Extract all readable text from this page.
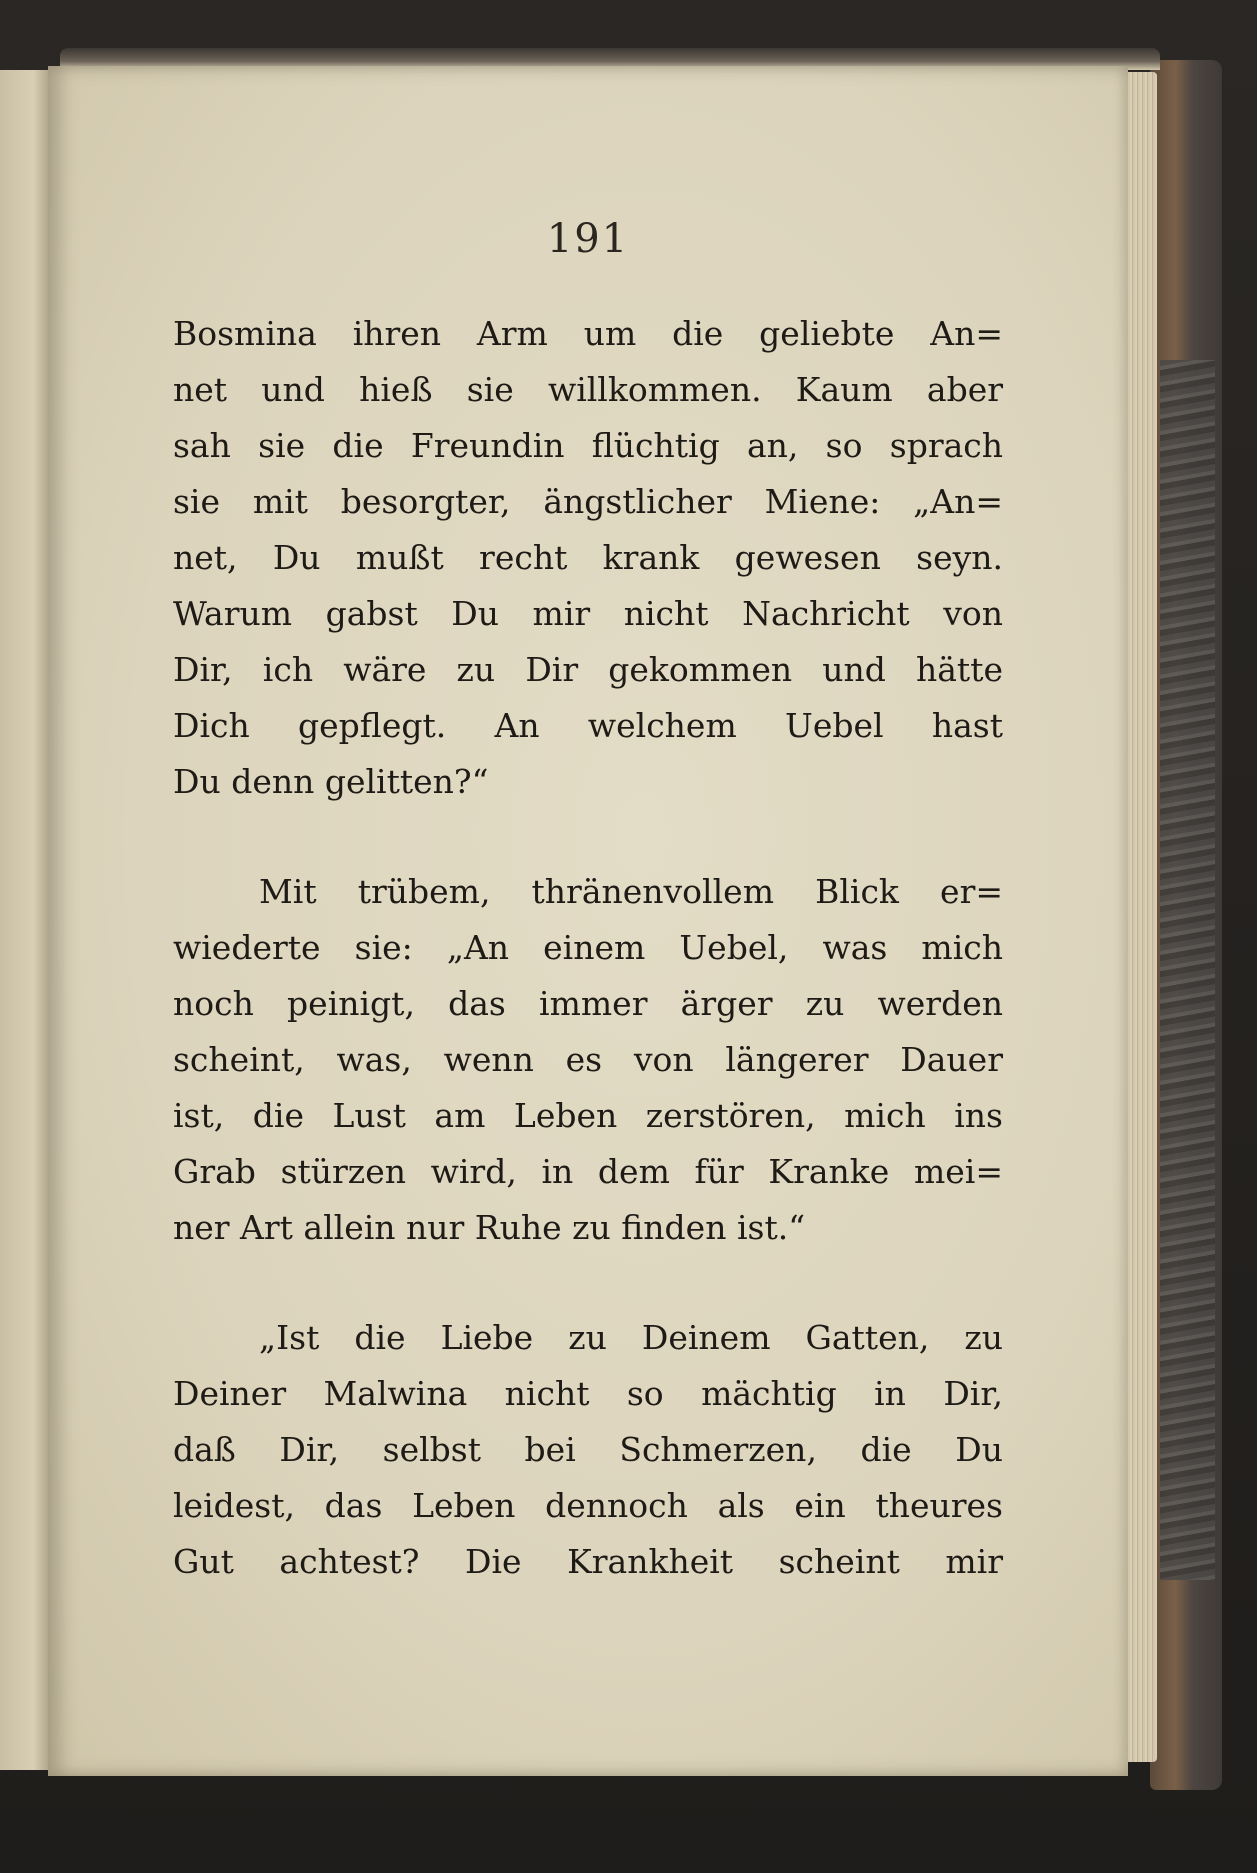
191
Bosmina ihren Arm um die geliebte An=
net und hieß sie willkommen. Kaum aber
sah sie die Freundin flüchtig an, so sprach
sie mit besorgter, ängstlicher Miene: „An=
net, Du mußt recht krank gewesen seyn.
Warum gabst Du mir nicht Nachricht von
Dir, ich wäre zu Dir gekommen und hätte
Dich gepflegt. An welchem Uebel hast
Du denn gelitten?“
Mit trübem, thränenvollem Blick er=
wiederte sie: „An einem Uebel, was mich
noch peinigt, das immer ärger zu werden
scheint, was, wenn es von längerer Dauer
ist, die Lust am Leben zerstören, mich ins
Grab stürzen wird, in dem für Kranke mei=
ner Art allein nur Ruhe zu finden ist.“
„Ist die Liebe zu Deinem Gatten, zu
Deiner Malwina nicht so mächtig in Dir,
daß Dir, selbst bei Schmerzen, die Du
leidest, das Leben dennoch als ein theures
Gut achtest? Die Krankheit scheint mir
